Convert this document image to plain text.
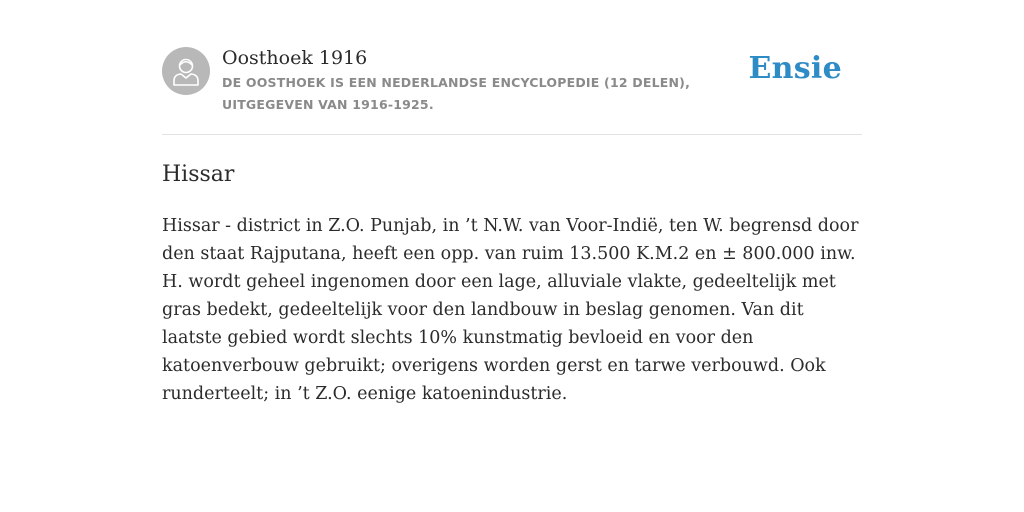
Oosthoek 1916
DE OOSTHOEK IS EEN NEDERLANDSE ENCYCLOPEDIE (12 DELEN), UITGEGEVEN VAN 1916-1925.
Ensie
Hissar

Hissar - district in Z.O. Punjab, in ’t N.W. van Voor-Indië, ten W. begrensd door den staat Rajputana, heeft een opp. van ruim 13.500 K.M.2 en ± 800.000 inw. H. wordt geheel ingenomen door een lage, alluviale vlakte, gedeeltelijk met gras bedekt, gedeeltelijk voor den landbouw in beslag genomen. Van dit laatste gebied wordt slechts 10% kunstmatig bevloeid en voor den katoenverbouw gebruikt; overigens worden gerst en tarwe verbouwd. Ook runderteelt; in ’t Z.O. eenige katoenindustrie.
